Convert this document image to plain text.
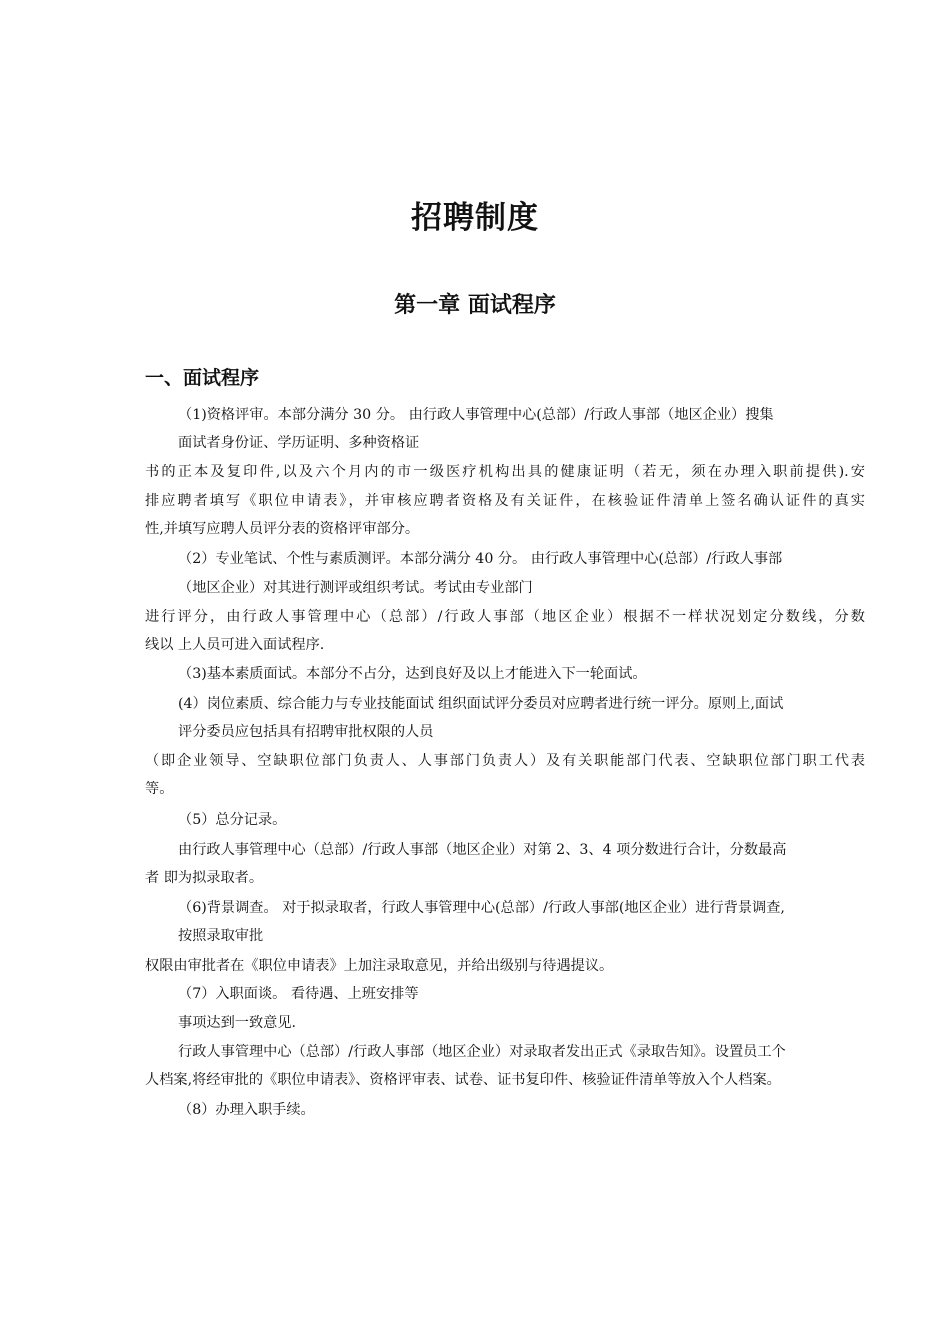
招聘制度
第一章 面试程序
一、面试程序
（1)资格评审。本部分满分 30 分。 由行政人事管理中心(总部）/行政人事部（地区企业）搜集
面试者身份证、学历证明、多种资格证
书的正本及复印件,以及六个月内的市一级医疗机构出具的健康证明（若无，须在办理入职前提供).安
排应聘者填写《职位申请表》，并审核应聘者资格及有关证件，在核验证件清单上签名确认证件的真实
性,并填写应聘人员评分表的资格评审部分。
（2）专业笔试、个性与素质测评。本部分满分 40 分。 由行政人事管理中心(总部）/行政人事部
（地区企业）对其进行测评或组织考试。考试由专业部门
进行评分，由行政人事管理中心（总部）/行政人事部（地区企业）根据不一样状况划定分数线，分数
线以 上人员可进入面试程序.
（3)基本素质面试。本部分不占分，达到良好及以上才能进入下一轮面试。
(4）岗位素质、综合能力与专业技能面试 组织面试评分委员对应聘者进行统一评分。原则上,面试
评分委员应包括具有招聘审批权限的人员
（即企业领导、空缺职位部门负责人、人事部门负责人）及有关职能部门代表、空缺职位部门职工代表
等。
（5）总分记录。
由行政人事管理中心（总部）/行政人事部（地区企业）对第 2、3、4 项分数进行合计，分数最高
者 即为拟录取者。
（6)背景调查。 对于拟录取者，行政人事管理中心(总部）/行政人事部(地区企业）进行背景调查,
按照录取审批
权限由审批者在《职位申请表》上加注录取意见，并给出级别与待遇提议。
（7）入职面谈。 看待遇、上班安排等
事项达到一致意见.
行政人事管理中心（总部）/行政人事部（地区企业）对录取者发出正式《录取告知》。设置员工个
人档案,将经审批的《职位申请表》、资格评审表、试卷、证书复印件、核验证件清单等放入个人档案。
（8）办理入职手续。
